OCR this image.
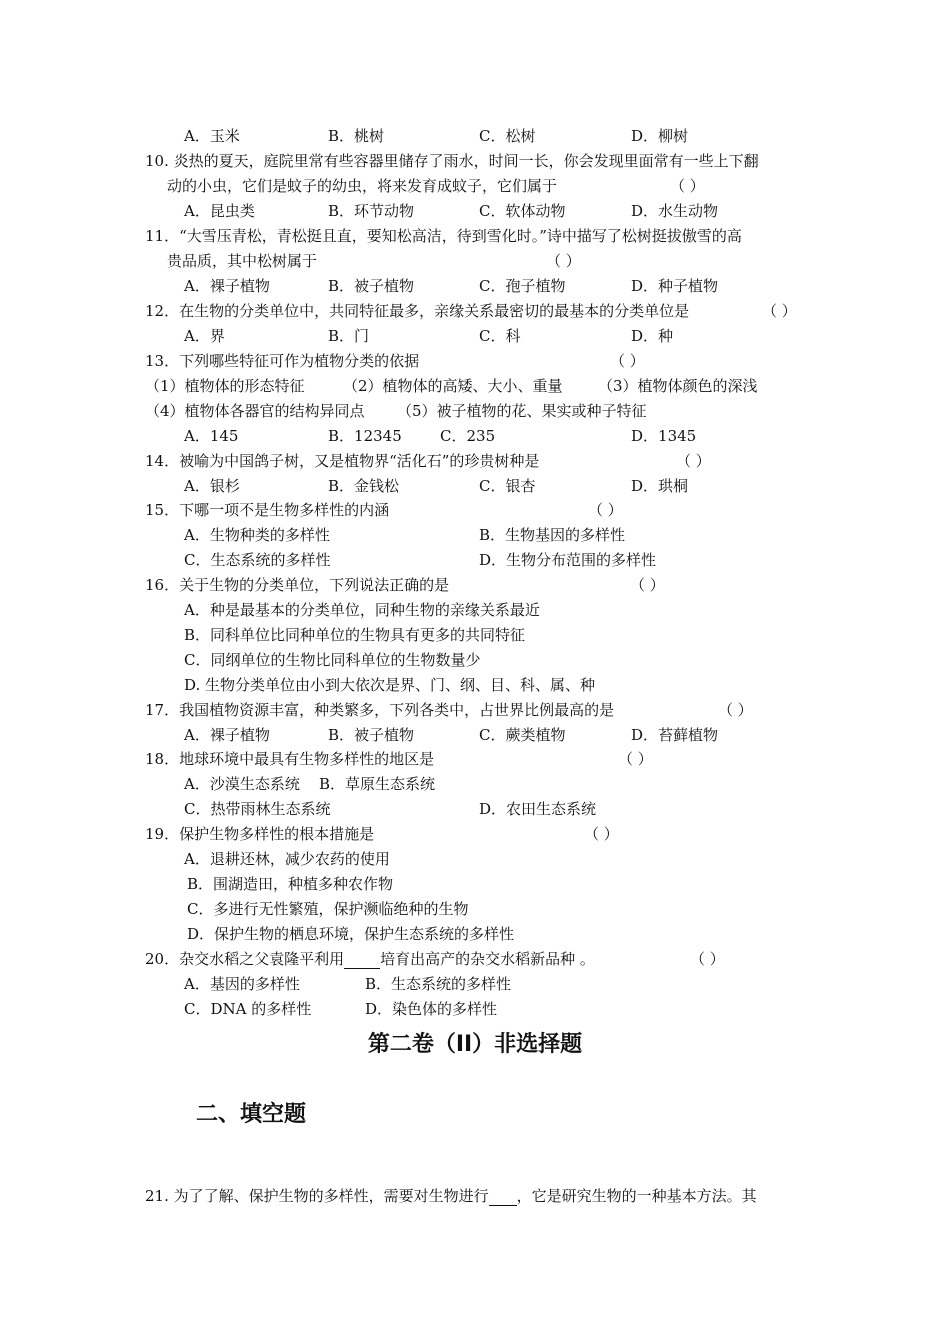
A．玉米	B．桃树	C．松树	D．柳树
10. 炎热的夏天，庭院里常有些容器里储存了雨水，时间一长，你会发现里面常有一些上下翻
动的小虫，它们是蚊子的幼虫，将来发育成蚊子，它们属于	（ ）
A．昆虫类	B．环节动物	C．软体动物	D．水生动物
11．“大雪压青松，青松挺且直，要知松高洁，待到雪化时。”诗中描写了松树挺拔傲雪的高
贵品质，其中松树属于	（ ）
A．裸子植物	B．被子植物	C．孢子植物	D．种子植物
12．在生物的分类单位中，共同特征最多，亲缘关系最密切的最基本的分类单位是	（ ）
A．界	B．门	C．科	D．种
13．下列哪些特征可作为植物分类的依据	（ ）
（1）植物体的形态特征	（2）植物体的高矮、大小、重量 （3）植物体颜色的深浅
（4）植物体各器官的结构异同点 （5）被子植物的花、果实或种子特征
A．145	B．12345	C．235	D．1345
14．被喻为中国鸽子树，又是植物界“活化石”的珍贵树种是	（ ）
A．银杉	B．金钱松	C．银杏	D．珙桐
15．下哪一项不是生物多样性的内涵	（ ）
A．生物种类的多样性	B．生物基因的多样性
C．生态系统的多样性	D．生物分布范围的多样性
16．关于生物的分类单位，下列说法正确的是	（ ）
A．种是最基本的分类单位，同种生物的亲缘关系最近
B．同科单位比同种单位的生物具有更多的共同特征
C．同纲单位的生物比同科单位的生物数量少
D. 生物分类单位由小到大依次是界、门、纲、目、科、属、种
17．我国植物资源丰富，种类繁多，下列各类中，占世界比例最高的是	（ ）
A．裸子植物	B．被子植物	C．蕨类植物	D．苔藓植物
18．地球环境中最具有生物多样性的地区是	（ ）
A．沙漠生态系统 B．草原生态系统
C．热带雨林生态系统	D．农田生态系统
19．保护生物多样性的根本措施是	（ ）
A．退耕还林，减少农药的使用
B．围湖造田，种植多种农作物
C．多进行无性繁殖，保护濒临绝种的生物
D．保护生物的栖息环境，保护生态系统的多样性
20．杂交水稻之父袁隆平利用 培育出高产的杂交水稻新品种 。	（ ）
A．基因的多样性	B．生态系统的多样性
C．DNA 的多样性	D．染色体的多样性
第二卷（II）非选择题
二、填空题
21. 为了了解、保护生物的多样性，需要对生物进行 ，它是研究生物的一种基本方法。其
